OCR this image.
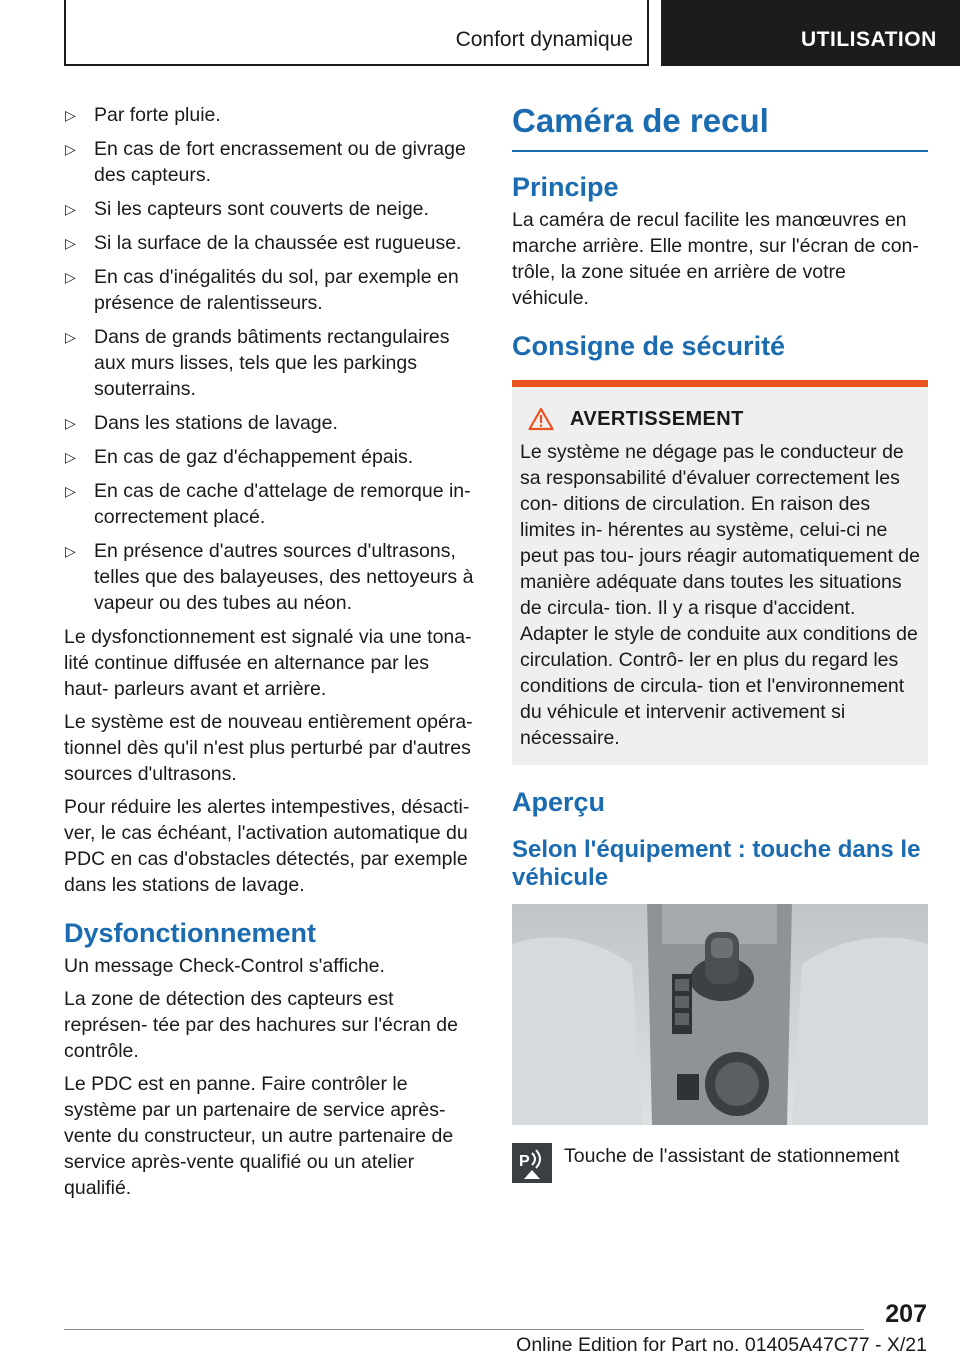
Confort dynamique	UTILISATION
▷ Par forte pluie.
▷ En cas de fort encrassement ou de givrage des capteurs.
▷ Si les capteurs sont couverts de neige.
▷ Si la surface de la chaussée est rugueuse.
▷ En cas d'inégalités du sol, par exemple en présence de ralentisseurs.
▷ Dans de grands bâtiments rectangulaires aux murs lisses, tels que les parkings souterrains.
▷ Dans les stations de lavage.
▷ En cas de gaz d'échappement épais.
▷ En cas de cache d'attelage de remorque in- correctement placé.
▷ En présence d'autres sources d'ultrasons, telles que des balayeuses, des nettoyeurs à vapeur ou des tubes au néon.

Le dysfonctionnement est signalé via une tona- lité continue diffusée en alternance par les haut- parleurs avant et arrière.

Le système est de nouveau entièrement opéra- tionnel dès qu'il n'est plus perturbé par d'autres sources d'ultrasons.

Pour réduire les alertes intempestives, désacti- ver, le cas échéant, l'activation automatique du PDC en cas d'obstacles détectés, par exemple dans les stations de lavage.

Dysfonctionnement

Un message Check-Control s'affiche.

La zone de détection des capteurs est représen- tée par des hachures sur l'écran de contrôle.

Le PDC est en panne. Faire contrôler le système par un partenaire de service après-vente du constructeur, un autre partenaire de service après-vente qualifié ou un atelier qualifié.

Caméra de recul
Principe

La caméra de recul facilite les manœuvres en marche arrière. Elle montre, sur l'écran de con- trôle, la zone située en arrière de votre véhicule.

Consigne de sécurité
AVERTISSEMENT

Le système ne dégage pas le conducteur de sa responsabilité d'évaluer correctement les con- ditions de circulation. En raison des limites in- hérentes au système, celui-ci ne peut pas tou- jours réagir automatiquement de manière adéquate dans toutes les situations de circula- tion. Il y a risque d'accident. Adapter le style de conduite aux conditions de circulation. Contrô- ler en plus du regard les conditions de circula- tion et l'environnement du véhicule et intervenir activement si nécessaire.

Aperçu
Selon l'équipement : touche dans le véhicule
P Touche de l'assistant de stationnement
207
Online Edition for Part no. 01405A47C77 - X/21
